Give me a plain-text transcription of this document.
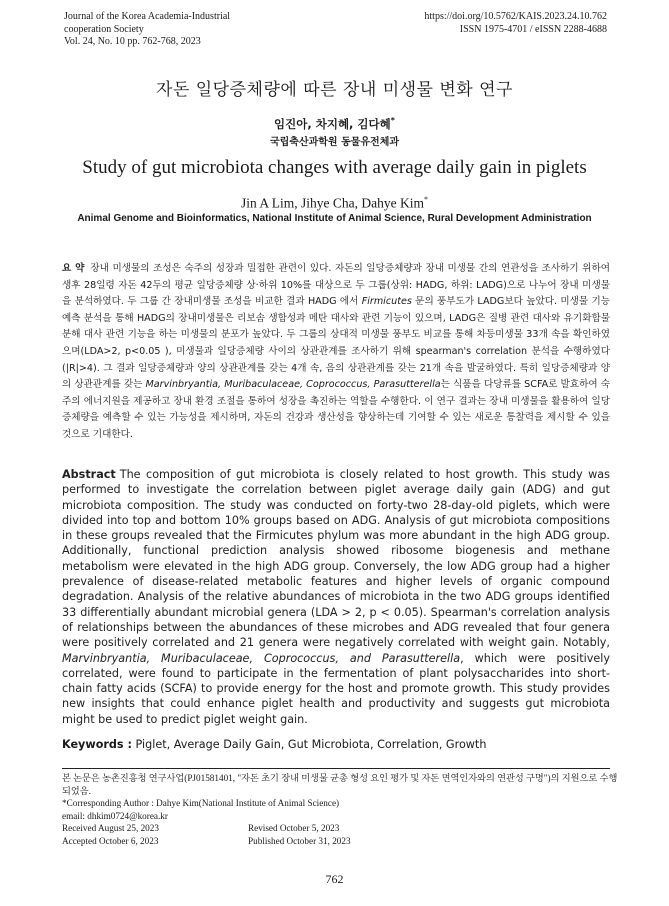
Journal of the Korea Academia-Industrial
cooperation Society
Vol. 24, No. 10 pp. 762-768, 2023
https://doi.org/10.5762/KAIS.2023.24.10.762
ISSN 1975-4701 / eISSN 2288-4688
자돈 일당증체량에 따른 장내 미생물 변화 연구
임진아, 차지혜, 김다혜*
국립축산과학원 동물유전체과
Study of gut microbiota changes with average daily gain in piglets
Jin A Lim, Jihye Cha, Dahye Kim*
Animal Genome and Bioinformatics, National Institute of Animal Science, Rural Development Administration
요 약 장내 미생물의 조성은 숙주의 성장과 밀접한 관련이 있다. 자돈의 일당증체량과 장내 미생물 간의 연관성을 조사하기 위하여 생후 28일령 자돈 42두의 평균 일당증체량 상·하위 10%를 대상으로 두 그룹(상위: HADG, 하위: LADG)으로 나누어 장내 미생물을 분석하였다. 두 그룹 간 장내미생물 조성을 비교한 결과 HADG 에서 Firmicutes 문의 풍부도가 LADG보다 높았다. 미생물 기능 예측 분석을 통해 HADG의 장내미생물은 리보솜 생합성과 메탄 대사와 관련 기능이 있으며, LADG은 질병 관련 대사와 유기화합물 분해 대사 관련 기능을 하는 미생물의 분포가 높았다. 두 그룹의 상대적 미생물 풍부도 비교를 통해 차등미생물 33개 속을 확인하였으며(LDA>2, p<0.05 ), 미생물과 일당증체량 사이의 상관관계를 조사하기 위해 spearman's correlation 분석을 수행하였다(|R|>4). 그 결과 일당증체량과 양의 상관관계를 갖는 4개 속, 음의 상관관계를 갖는 21개 속을 발굴하였다. 특히 일당증체량과 양의 상관관계를 갖는 Marvinbryantia, Muribaculaceae, Coprococcus, Parasutterella는 식품을 다당류를 SCFA로 발효하여 숙주의 에너지원을 제공하고 장내 환경 조절을 통하여 성장을 촉진하는 역할을 수행한다. 이 연구 결과는 장내 미생물을 활용하여 일당증체량을 예측할 수 있는 가능성을 제시하며, 자돈의 건강과 생산성을 향상하는데 기여할 수 있는 새로운 통찰력을 제시할 수 있을 것으로 기대한다.
Abstract The composition of gut microbiota is closely related to host growth. This study was performed to investigate the correlation between piglet average daily gain (ADG) and gut microbiota composition. The study was conducted on forty-two 28-day-old piglets, which were divided into top and bottom 10% groups based on ADG. Analysis of gut microbiota compositions in these groups revealed that the Firmicutes phylum was more abundant in the high ADG group. Additionally, functional prediction analysis showed ribosome biogenesis and methane metabolism were elevated in the high ADG group. Conversely, the low ADG group had a higher prevalence of disease-related metabolic features and higher levels of organic compound degradation. Analysis of the relative abundances of microbiota in the two ADG groups identified 33 differentially abundant microbial genera (LDA > 2, p < 0.05). Spearman's correlation analysis of relationships between the abundances of these microbes and ADG revealed that four genera were positively correlated and 21 genera were negatively correlated with weight gain. Notably, Marvinbryantia, Muribaculaceae, Coprococcus, and Parasutterella, which were positively correlated, were found to participate in the fermentation of plant polysaccharides into short-chain fatty acids (SCFA) to provide energy for the host and promote growth. This study provides new insights that could enhance piglet health and productivity and suggests gut microbiota might be used to predict piglet weight gain.
Keywords : Piglet, Average Daily Gain, Gut Microbiota, Correlation, Growth
본 논문은 농촌진흥청 연구사업(PJ01581401, "자돈 초기 장내 미생물 균총 형성 요인 평가 및 자돈 면역인자와의 연관성 구명")의 지원으로 수행되었음.
*Corresponding Author : Dahye Kim(National Institute of Animal Science)
email: dhkim0724@korea.kr
Received August 25, 2023	Revised October 5, 2023
Accepted October 6, 2023	Published October 31, 2023
762
